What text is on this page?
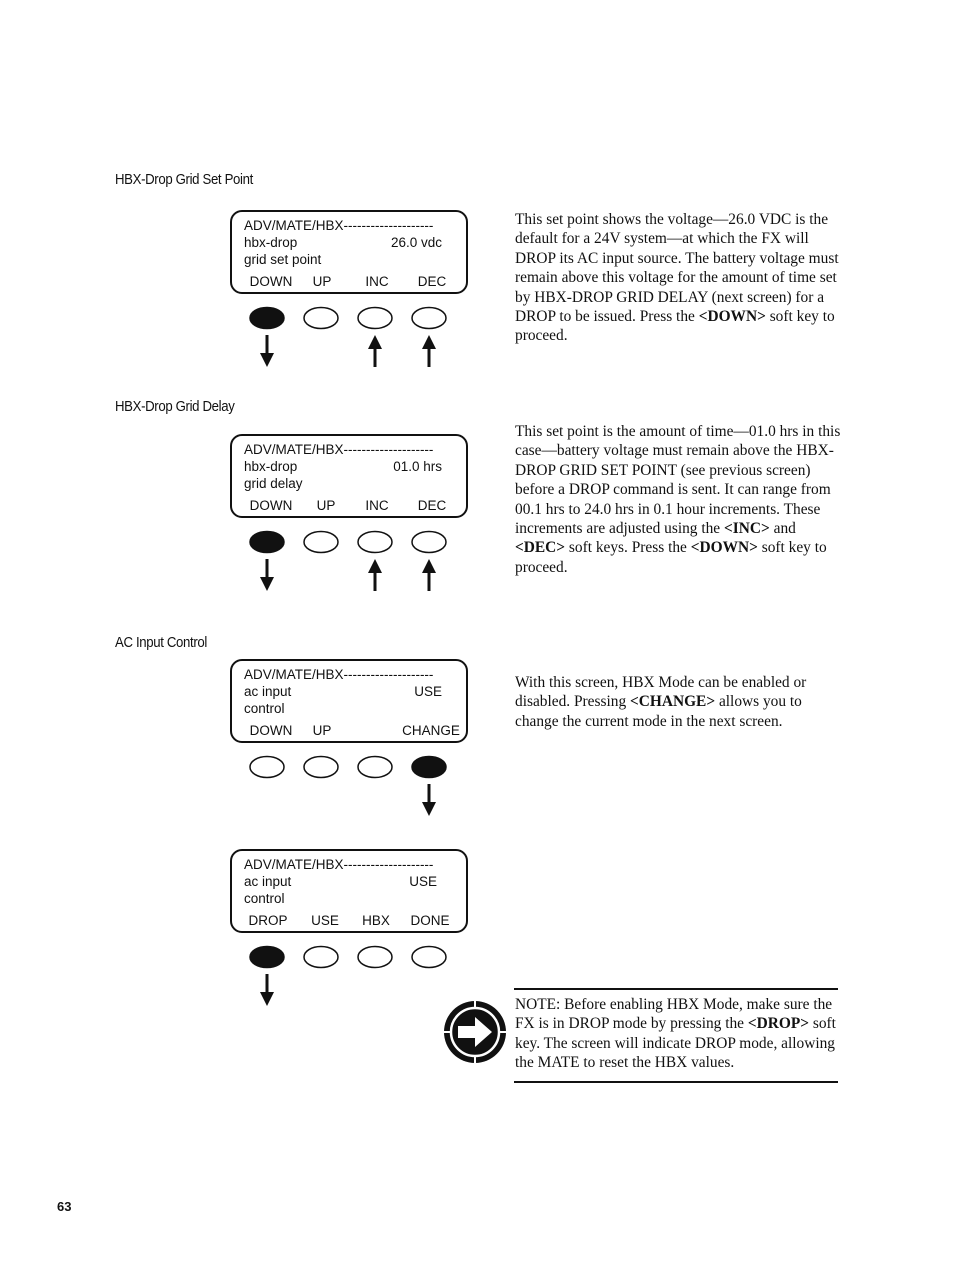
HBX-Drop Grid Set Point
ADV/MATE/HBX--------------------
hbx-drop	26.0 vdc
grid set point
DOWN UP	INC DEC

This set point shows the voltage—26.0 VDC is the default for a 24V system—at which the FX will DROP its AC input source. The battery voltage must remain above this voltage for the amount of time set by HBX-DROP GRID DELAY (next screen) for a DROP to be issued. Press the <DOWN> soft key to proceed.

HBX-Drop Grid Delay
ADV/MATE/HBX--------------------
hbx-drop	01.0 hrs
grid delay
DOWN UP INC DEC

This set point is the amount of time—01.0 hrs in this case—battery voltage must remain above the HBX-DROP GRID SET POINT (see previous screen) before a DROP command is sent. It can range from 00.1 hrs to 24.0 hrs in 0.1 hour increments. These increments are adjusted using the <INC> and <DEC> soft keys. Press the <DOWN> soft key to proceed.

AC Input Control
ADV/MATE/HBX--------------------
ac input	USE
control
DOWN UP	CHANGE

With this screen, HBX Mode can be enabled or disabled. Pressing <CHANGE> allows you to change the current mode in the next screen.

ADV/MATE/HBX--------------------
ac input	USE
control
DROP USE HBX DONE

NOTE: Before enabling HBX Mode, make sure the FX is in DROP mode by pressing the <DROP> soft key. The screen will indicate DROP mode, allowing the MATE to reset the HBX values.

63
